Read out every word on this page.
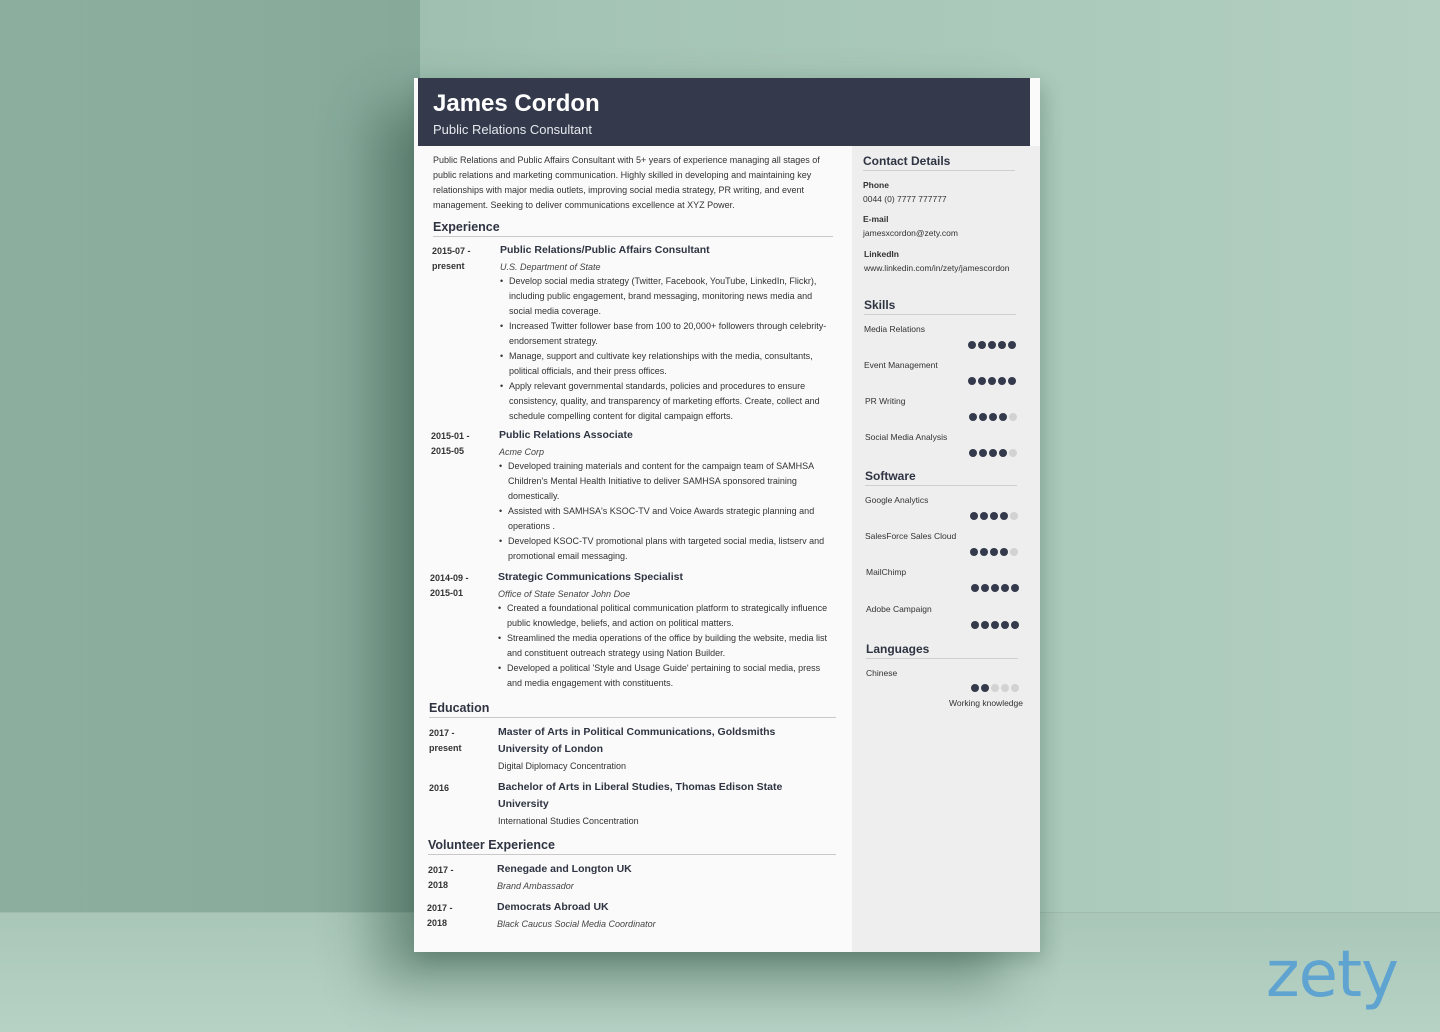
James Cordon
Public Relations Consultant
Public Relations and Public Affairs Consultant with 5+ years of experience managing all stages of public relations and marketing communication. Highly skilled in developing and maintaining key relationships with major media outlets, improving social media strategy, PR writing, and event management. Seeking to deliver communications excellence at XYZ Power.
Experience
2015-07 -
present
Public Relations/Public Affairs Consultant
U.S. Department of State
• Develop social media strategy (Twitter, Facebook, YouTube, LinkedIn, Flickr), including public engagement, brand messaging, monitoring news media and social media coverage.
• Increased Twitter follower base from 100 to 20,000+ followers through celebrity-endorsement strategy.
• Manage, support and cultivate key relationships with the media, consultants, political officials, and their press offices.
• Apply relevant governmental standards, policies and procedures to ensure consistency, quality, and transparency of marketing efforts. Create, collect and schedule compelling content for digital campaign efforts.
2015-01 -
2015-05
Public Relations Associate
Acme Corp
• Developed training materials and content for the campaign team of SAMHSA Children's Mental Health Initiative to deliver SAMHSA sponsored training domestically.
• Assisted with SAMHSA's KSOC-TV and Voice Awards strategic planning and operations .
• Developed KSOC-TV promotional plans with targeted social media, listserv and promotional email messaging.
2014-09 -
2015-01
Strategic Communications Specialist
Office of State Senator John Doe
• Created a foundational political communication platform to strategically influence public knowledge, beliefs, and action on political matters.
• Streamlined the media operations of the office by building the website, media list and constituent outreach strategy using Nation Builder.
• Developed a political 'Style and Usage Guide' pertaining to social media, press and media engagement with constituents.
Education
2017 -
present
Master of Arts in Political Communications, Goldsmiths University of London
Digital Diplomacy Concentration
2016	Bachelor of Arts in Liberal Studies, Thomas Edison State University
International Studies Concentration
Volunteer Experience
2017 -
2018
Renegade and Longton UK
Brand Ambassador
2017 -
2018
Democrats Abroad UK
Black Caucus Social Media Coordinator
Contact Details
Phone
0044 (0) 7777 777777
E-mail
jamesxcordon@zety.com
LinkedIn
www.linkedin.com/in/zety/jamescordon
Skills
Media Relations
Event Management
PR Writing
Social Media Analysis
Software
Google Analytics
SalesForce Sales Cloud
MailChimp
Adobe Campaign
Languages
Chinese
Working knowledge
zety
